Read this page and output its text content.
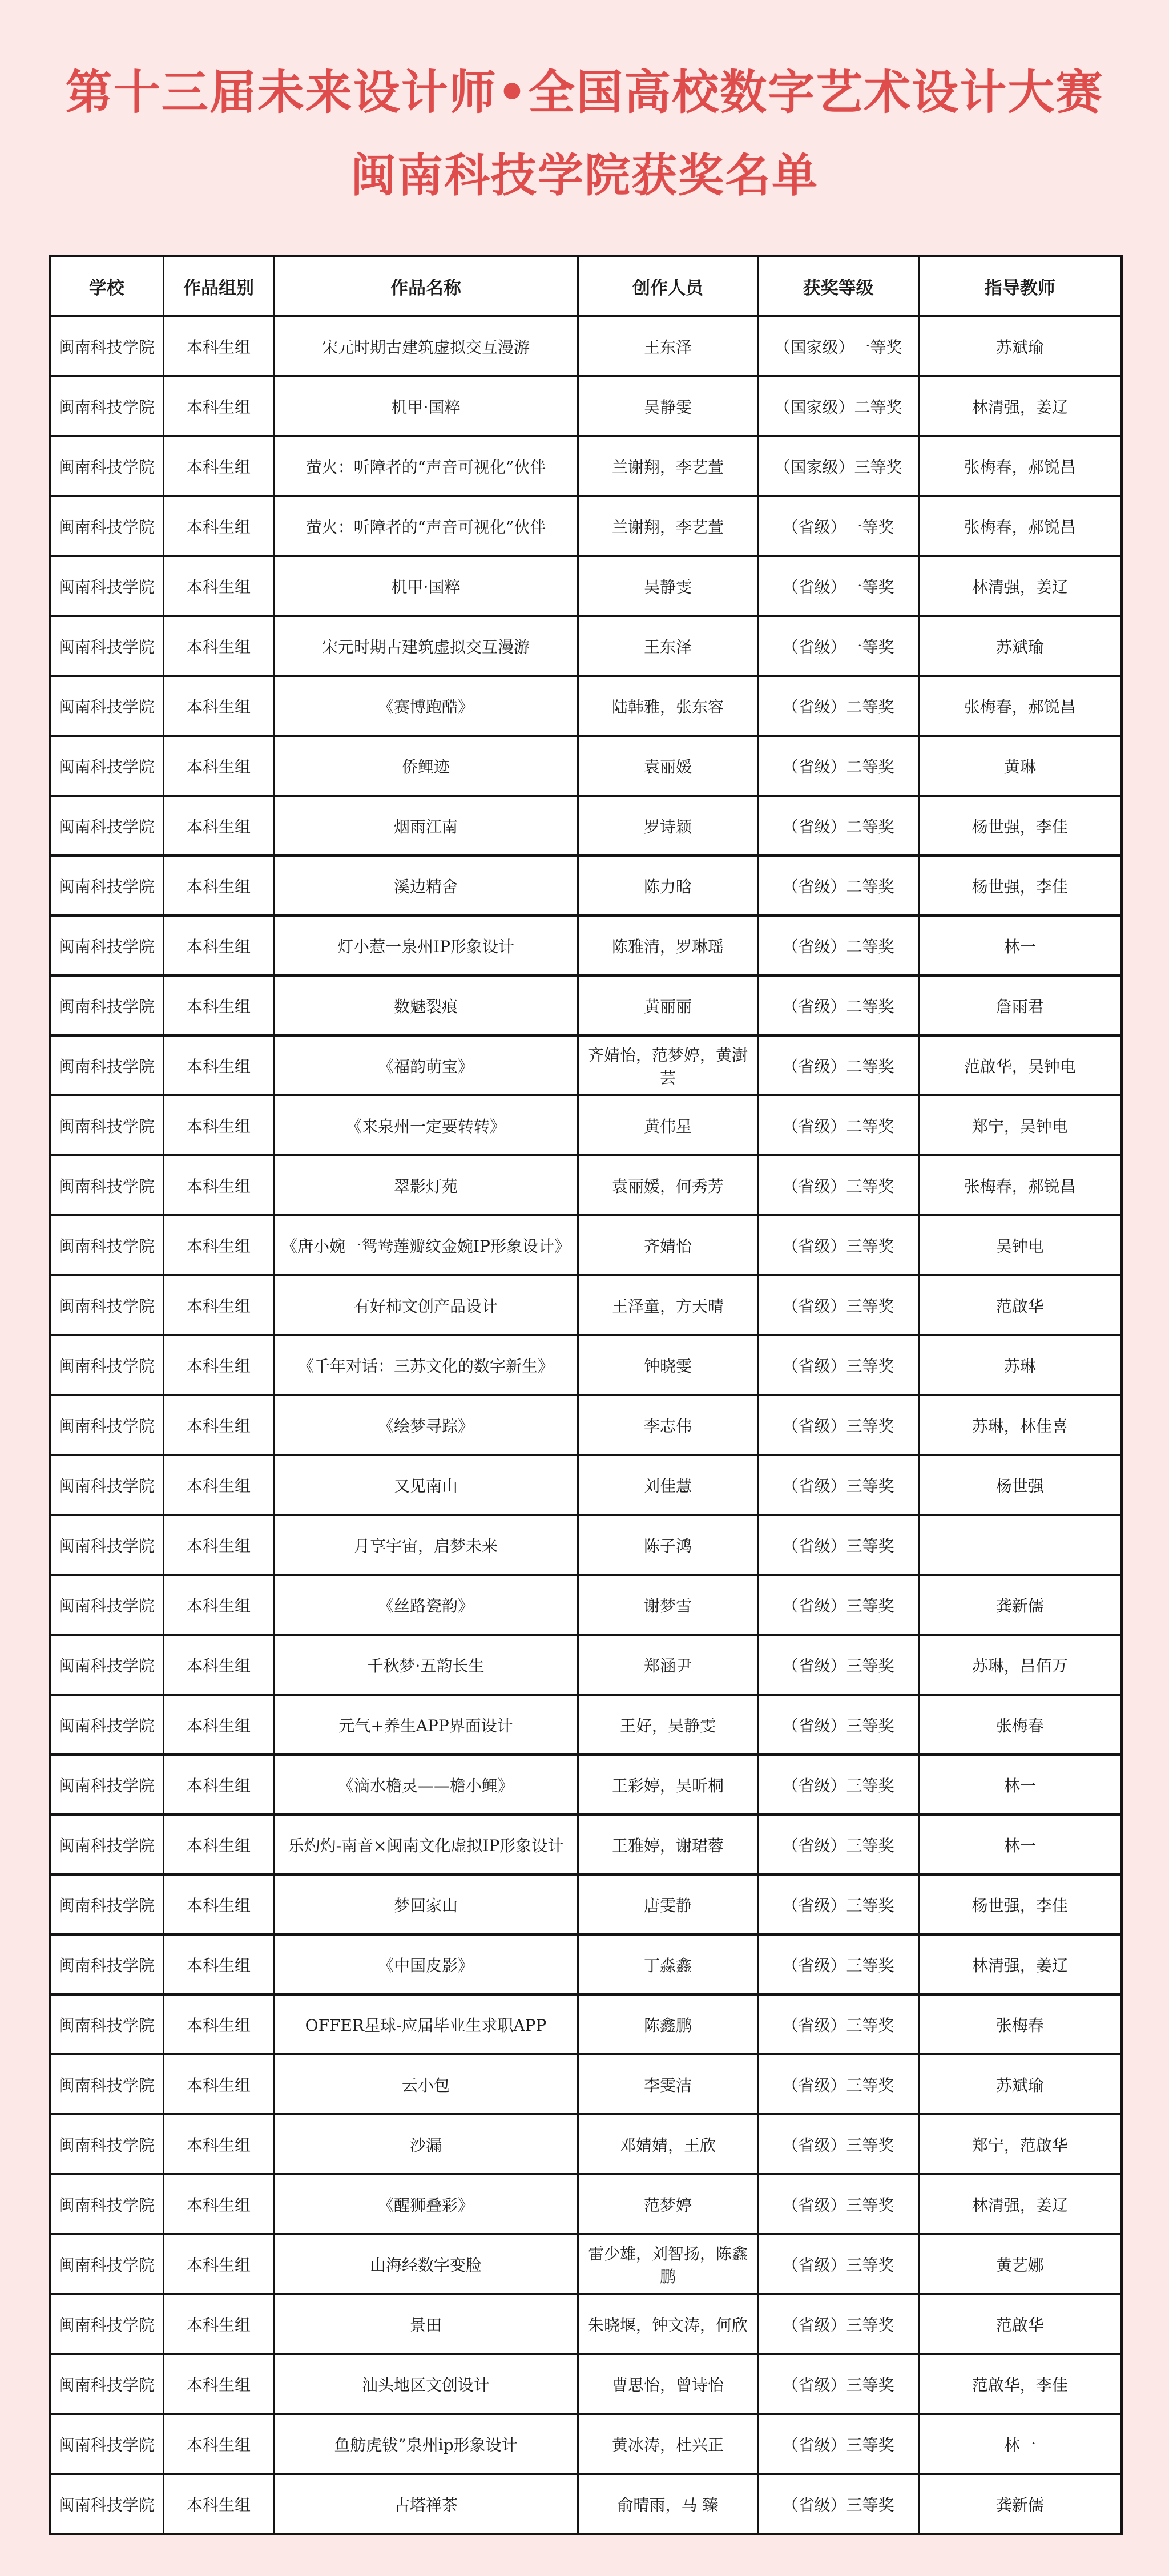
第十三届未来设计师•全国高校数字艺术设计大赛
闽南科技学院获奖名单
学校	作品组别	作品名称	创作人员	获奖等级	指导教师
闽南科技学院	本科生组	宋元时期古建筑虚拟交互漫游	王东泽	（国家级）一等奖	苏斌瑜
闽南科技学院	本科生组	机甲·国粹	吴静雯	（国家级）二等奖	林清强，姜辽
闽南科技学院	本科生组	萤火：听障者的“声音可视化”伙伴	兰谢翔，李艺萱	（国家级）三等奖	张梅春，郝锐昌
闽南科技学院	本科生组	萤火：听障者的“声音可视化”伙伴	兰谢翔，李艺萱	（省级）一等奖	张梅春，郝锐昌
闽南科技学院	本科生组	机甲·国粹	吴静雯	（省级）一等奖	林清强，姜辽
闽南科技学院	本科生组	宋元时期古建筑虚拟交互漫游	王东泽	（省级）一等奖	苏斌瑜
闽南科技学院	本科生组	《赛博跑酷》	陆韩雅，张东容	（省级）二等奖	张梅春，郝锐昌
闽南科技学院	本科生组	侨鲤迹	袁丽媛	（省级）二等奖	黄琳
闽南科技学院	本科生组	烟雨江南	罗诗颖	（省级）二等奖	杨世强，李佳
闽南科技学院	本科生组	溪边精舍	陈力晗	（省级）二等奖	杨世强，李佳
闽南科技学院	本科生组	灯小惹一泉州IP形象设计	陈雅清，罗琳瑶	（省级）二等奖	林一
闽南科技学院	本科生组	数魅裂痕	黄丽丽	（省级）二等奖	詹雨君
闽南科技学院	本科生组	《福韵萌宝》	齐婧怡，范梦婷，黄澍芸	（省级）二等奖	范啟华，吴钟电
闽南科技学院	本科生组	《来泉州一定要转转》	黄伟星	（省级）二等奖	郑宁，吴钟电
闽南科技学院	本科生组	翠影灯苑	袁丽媛，何秀芳	（省级）三等奖	张梅春，郝锐昌
闽南科技学院	本科生组	《唐小婉一鸳鸯莲瓣纹金婉IP形象设计》	齐婧怡	（省级）三等奖	吴钟电
闽南科技学院	本科生组	有好柿文创产品设计	王泽童，方天晴	（省级）三等奖	范啟华
闽南科技学院	本科生组	《千年对话：三苏文化的数字新生》	钟晓雯	（省级）三等奖	苏琳
闽南科技学院	本科生组	《绘梦寻踪》	李志伟	（省级）三等奖	苏琳，林佳喜
闽南科技学院	本科生组	又见南山	刘佳慧	（省级）三等奖	杨世强
闽南科技学院	本科生组	月享宇宙，启梦未来	陈子鸿	（省级）三等奖	
闽南科技学院	本科生组	《丝路瓷韵》	谢梦雪	（省级）三等奖	龚新儒
闽南科技学院	本科生组	千秋梦·五韵长生	郑涵尹	（省级）三等奖	苏琳，吕佰万
闽南科技学院	本科生组	元气+养生APP界面设计	王好，吴静雯	（省级）三等奖	张梅春
闽南科技学院	本科生组	《滴水檐灵——檐小鲤》	王彩婷，吴昕桐	（省级）三等奖	林一
闽南科技学院	本科生组	乐灼灼-南音×闽南文化虚拟IP形象设计	王雅婷，谢珺蓉	（省级）三等奖	林一
闽南科技学院	本科生组	梦回家山	唐雯静	（省级）三等奖	杨世强，李佳
闽南科技学院	本科生组	《中国皮影》	丁淼鑫	（省级）三等奖	林清强，姜辽
闽南科技学院	本科生组	OFFER星球-应届毕业生求职APP	陈鑫鹏	（省级）三等奖	张梅春
闽南科技学院	本科生组	云小包	李雯洁	（省级）三等奖	苏斌瑜
闽南科技学院	本科生组	沙漏	邓婧婧，王欣	（省级）三等奖	郑宁，范啟华
闽南科技学院	本科生组	《醒狮叠彩》	范梦婷	（省级）三等奖	林清强，姜辽
闽南科技学院	本科生组	山海经数字变脸	雷少雄，刘智扬，陈鑫鹏	（省级）三等奖	黄艺娜
闽南科技学院	本科生组	景田	朱晓堰，钟文涛，何欣	（省级）三等奖	范啟华
闽南科技学院	本科生组	汕头地区文创设计	曹思怡，曾诗怡	（省级）三等奖	范啟华，李佳
闽南科技学院	本科生组	鱼舫虎钹”泉州ip形象设计	黄冰涛，杜兴正	（省级）三等奖	林一
闽南科技学院	本科生组	古塔禅茶	俞晴雨，马 臻	（省级）三等奖	龚新儒
